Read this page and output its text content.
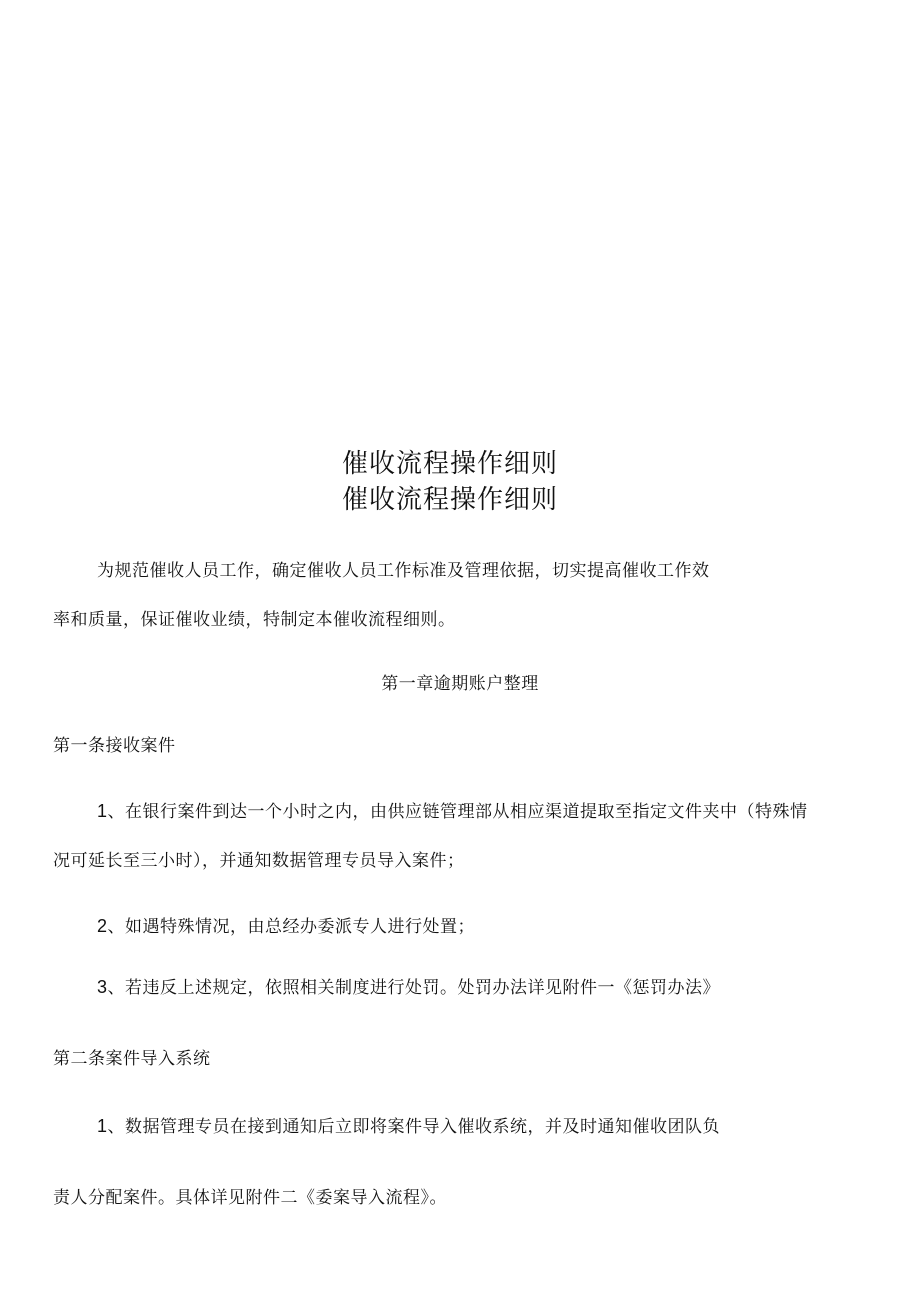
催收流程操作细则
催收流程操作细则
为规范催收人员工作，确定催收人员工作标准及管理依据，切实提高催收工作效
率和质量，保证催收业绩，特制定本催收流程细则。
第一章逾期账户整理
第一条接收案件
1、在银行案件到达一个小时之内，由供应链管理部从相应渠道提取至指定文件夹中（特殊情
况可延长至三小时），并通知数据管理专员导入案件；
2、如遇特殊情况，由总经办委派专人进行处置；
3、若违反上述规定，依照相关制度进行处罚。处罚办法详见附件一《惩罚办法》
第二条案件导入系统
1、数据管理专员在接到通知后立即将案件导入催收系统，并及时通知催收团队负
责人分配案件。具体详见附件二《委案导入流程》。
